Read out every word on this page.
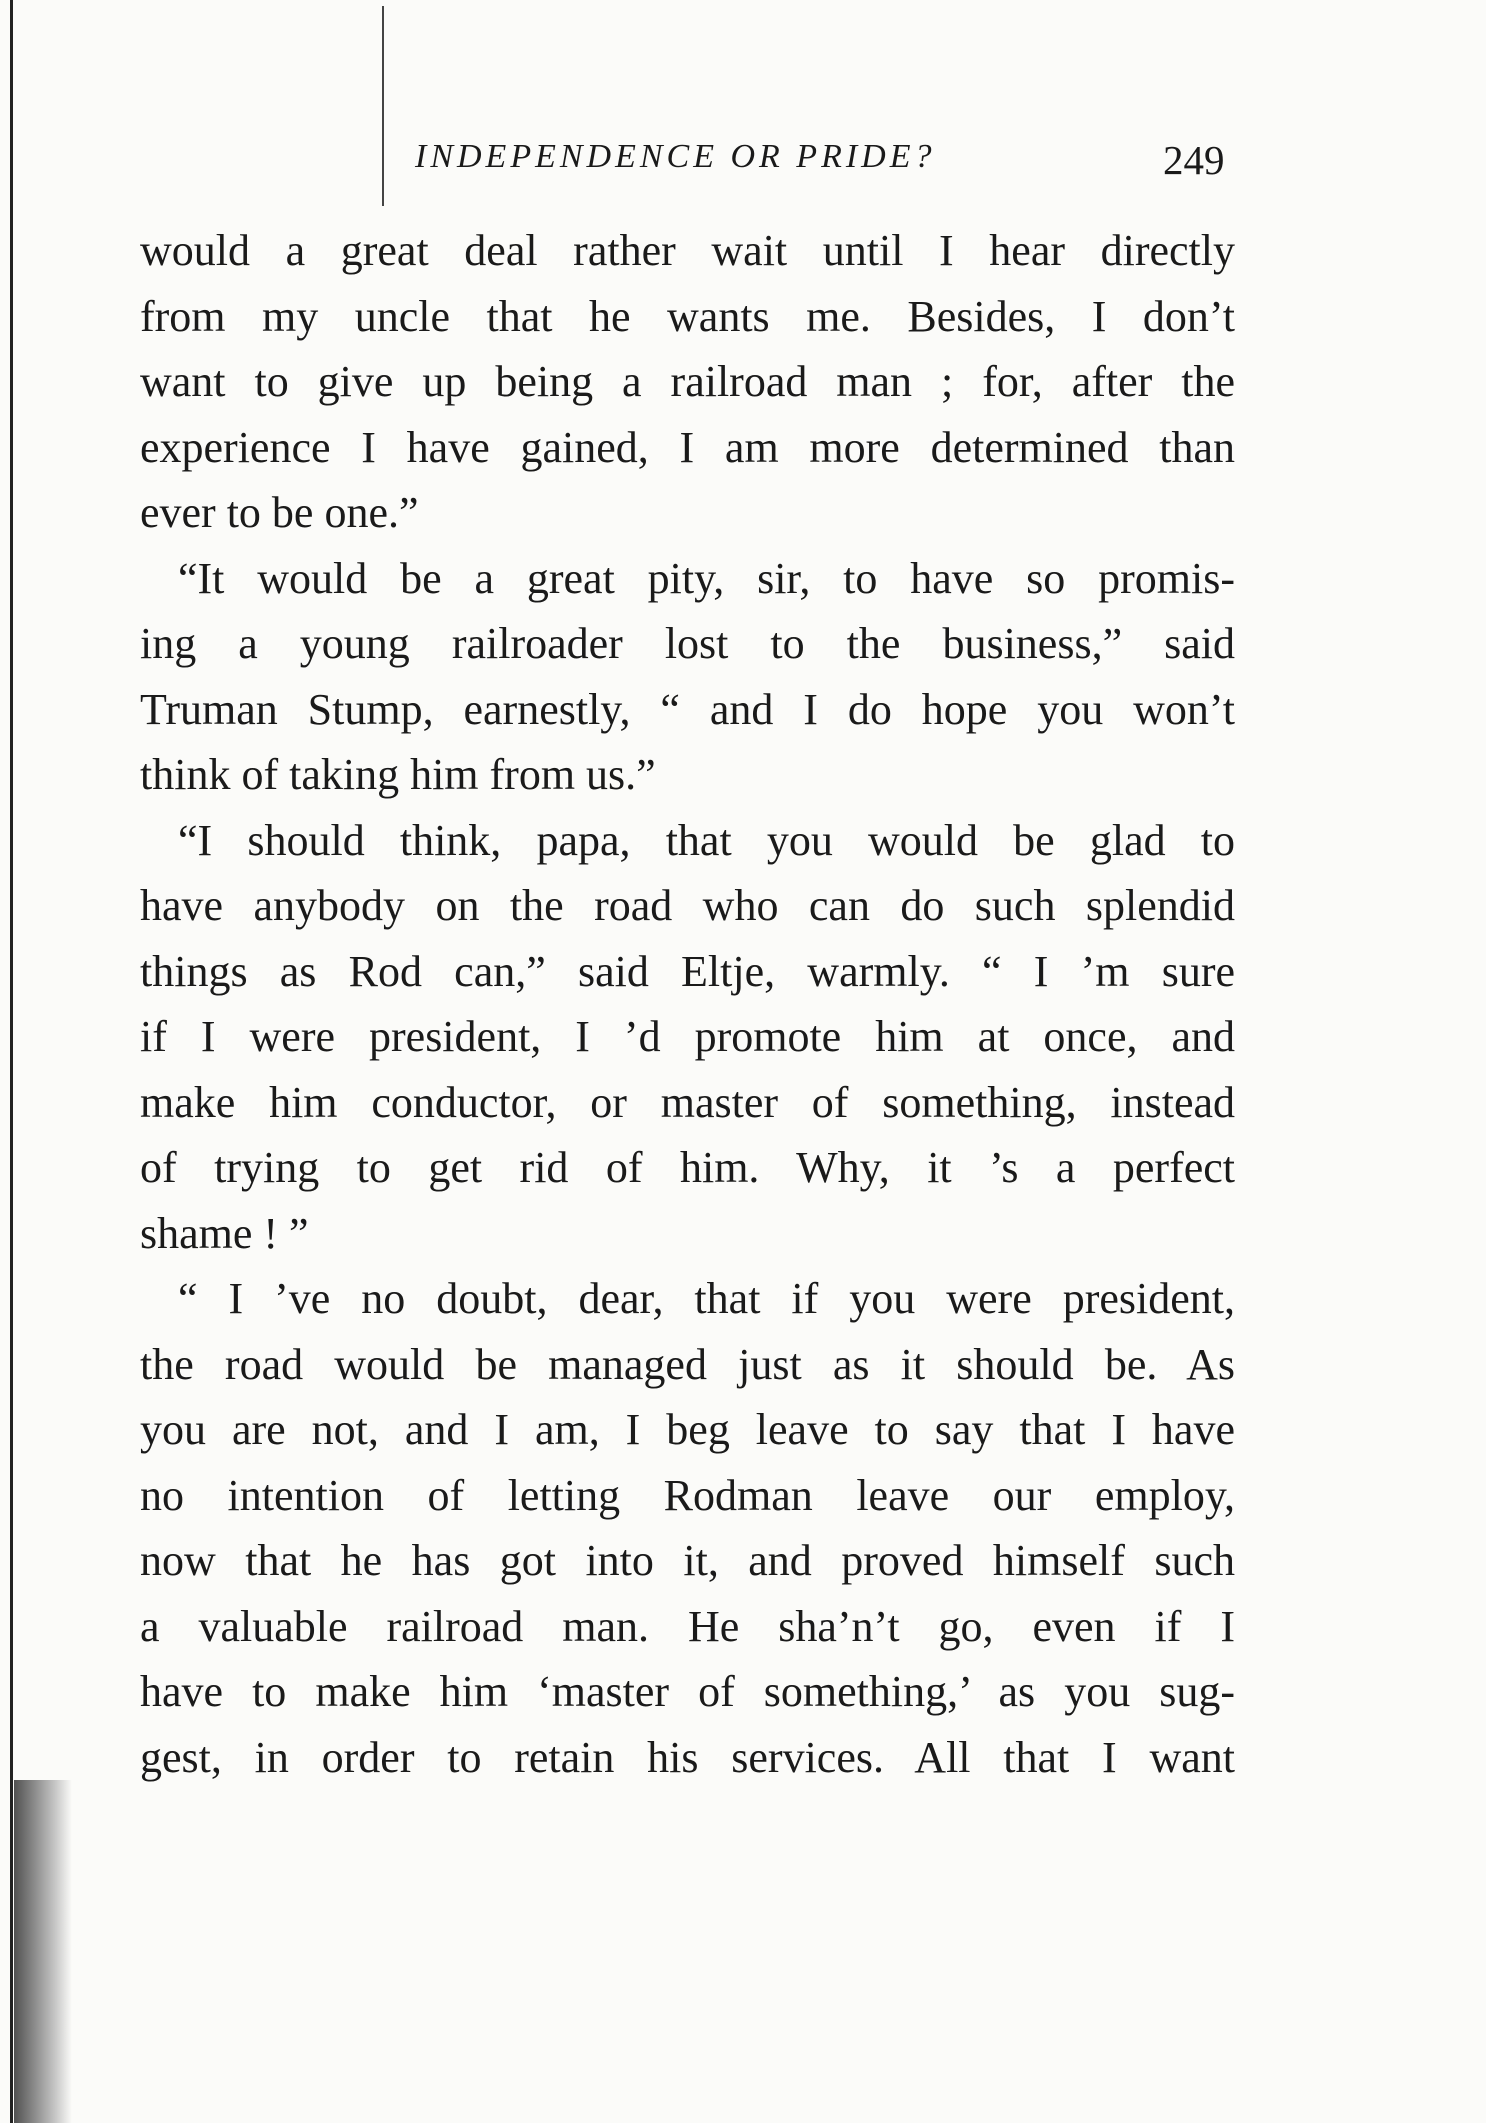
INDEPENDENCE OR PRIDE?	249
would a great deal rather wait until I hear directly
from my uncle that he wants me. Besides, I don’t
want to give up being a railroad man ; for, after the
experience I have gained, I am more determined than
ever to be one.”
“It would be a great pity, sir, to have so promis-
ing a young railroader lost to the business,” said
Truman Stump, earnestly, “ and I do hope you won’t
think of taking him from us.”
“I should think, papa, that you would be glad to
have anybody on the road who can do such splendid
things as Rod can,” said Eltje, warmly. “ I ’m sure
if I were president, I ’d promote him at once, and
make him conductor, or master of something, instead
of trying to get rid of him. Why, it ’s a perfect
shame ! ”
“ I ’ve no doubt, dear, that if you were president,
the road would be managed just as it should be. As
you are not, and I am, I beg leave to say that I have
no intention of letting Rodman leave our employ,
now that he has got into it, and proved himself such
a valuable railroad man. He sha’n’t go, even if I
have to make him ‘master of something,’ as you sug-
gest, in order to retain his services. All that I want
